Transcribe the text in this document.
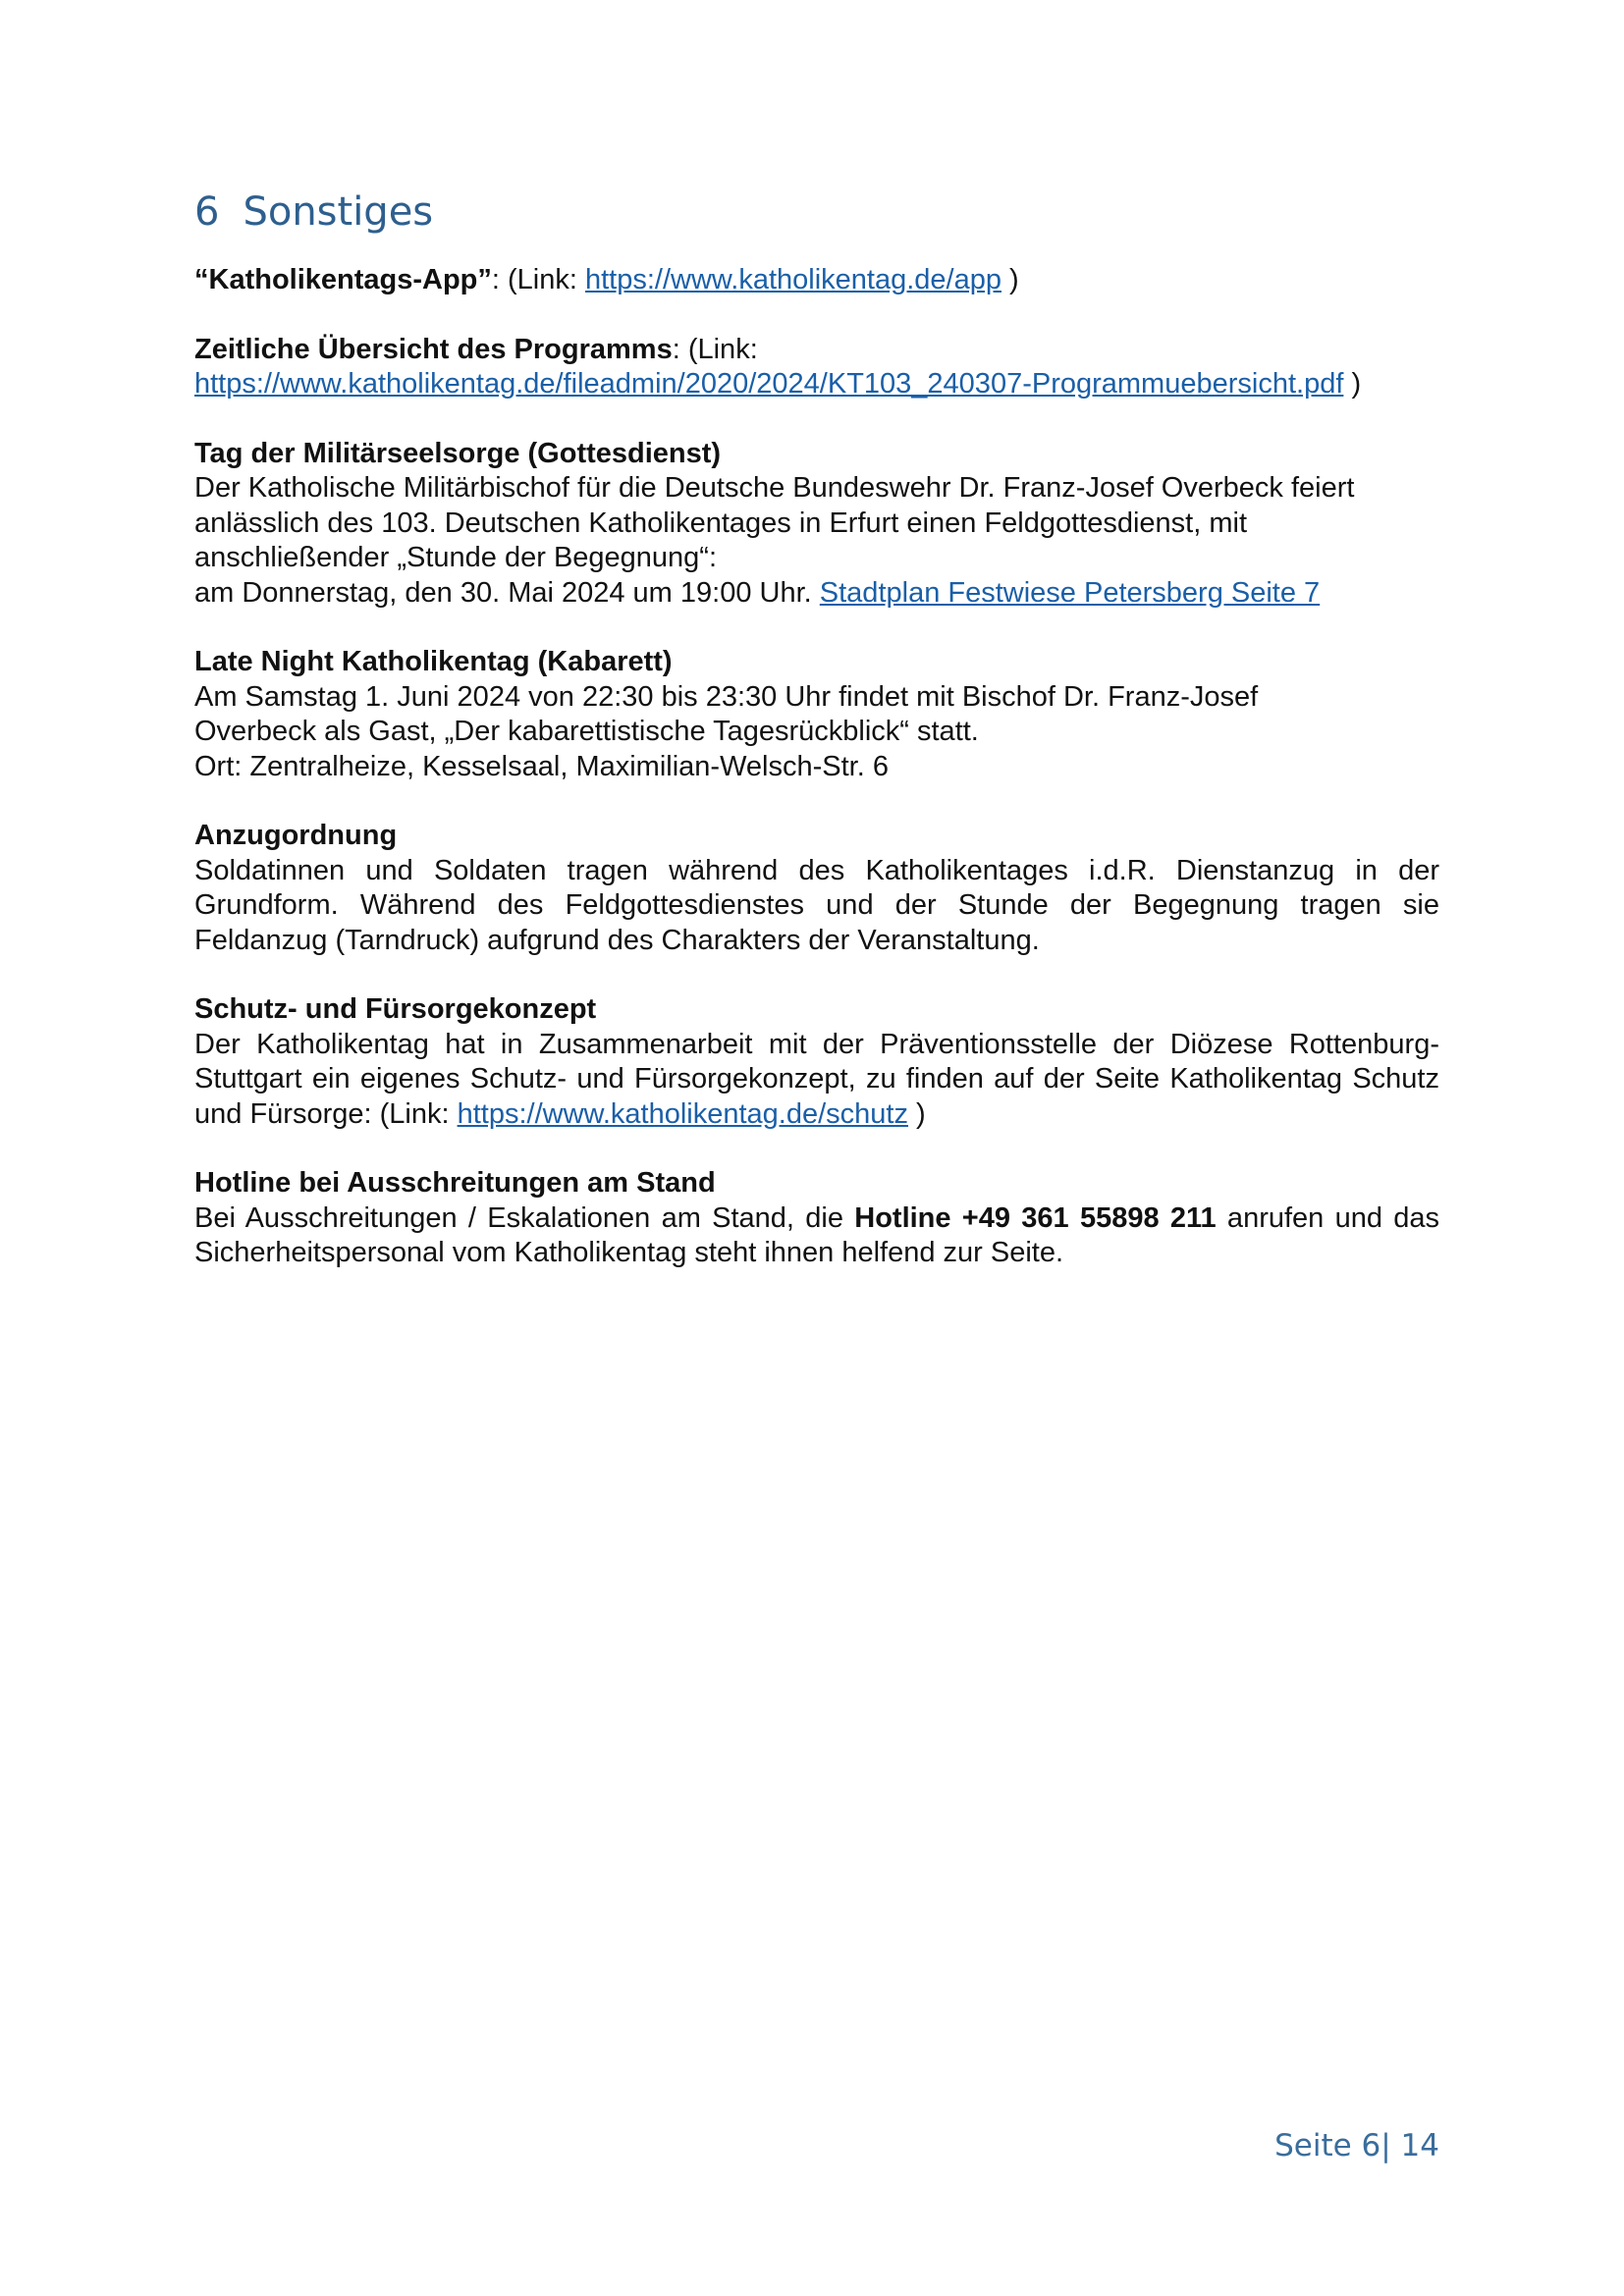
6 Sonstiges

“Katholikentags-App”: (Link: https://www.katholikentag.de/app )

Zeitliche Übersicht des Programms: (Link:

https://www.katholikentag.de/fileadmin/2020/2024/KT103_240307-Programmuebersicht.pdf )

Tag der Militärseelsorge (Gottesdienst)

Der Katholische Militärbischof für die Deutsche Bundeswehr Dr. Franz-Josef Overbeck feiert

anlässlich des 103. Deutschen Katholikentages in Erfurt einen Feldgottesdienst, mit

anschließender „Stunde der Begegnung“:

am Donnerstag, den 30. Mai 2024 um 19:00 Uhr. Stadtplan Festwiese Petersberg Seite 7

Late Night Katholikentag (Kabarett)

Am Samstag 1. Juni 2024 von 22:30 bis 23:30 Uhr findet mit Bischof Dr. Franz-Josef

Overbeck als Gast, „Der kabarettistische Tagesrückblick“ statt.

Ort: Zentralheize, Kesselsaal, Maximilian-Welsch-Str. 6

Anzugordnung

Soldatinnen und Soldaten tragen während des Katholikentages i.d.R. Dienstanzug in der Grundform. Während des Feldgottesdienstes und der Stunde der Begegnung tragen sie Feldanzug (Tarndruck) aufgrund des Charakters der Veranstaltung.

Schutz- und Fürsorgekonzept

Der Katholikentag hat in Zusammenarbeit mit der Präventionsstelle der Diözese Rottenburg-Stuttgart ein eigenes Schutz- und Fürsorgekonzept, zu finden auf der Seite Katholikentag Schutz und Fürsorge: (Link: https://www.katholikentag.de/schutz )

Hotline bei Ausschreitungen am Stand

Bei Ausschreitungen / Eskalationen am Stand, die Hotline +49 361 55898 211 anrufen und das Sicherheitspersonal vom Katholikentag steht ihnen helfend zur Seite.

Seite 6| 14
